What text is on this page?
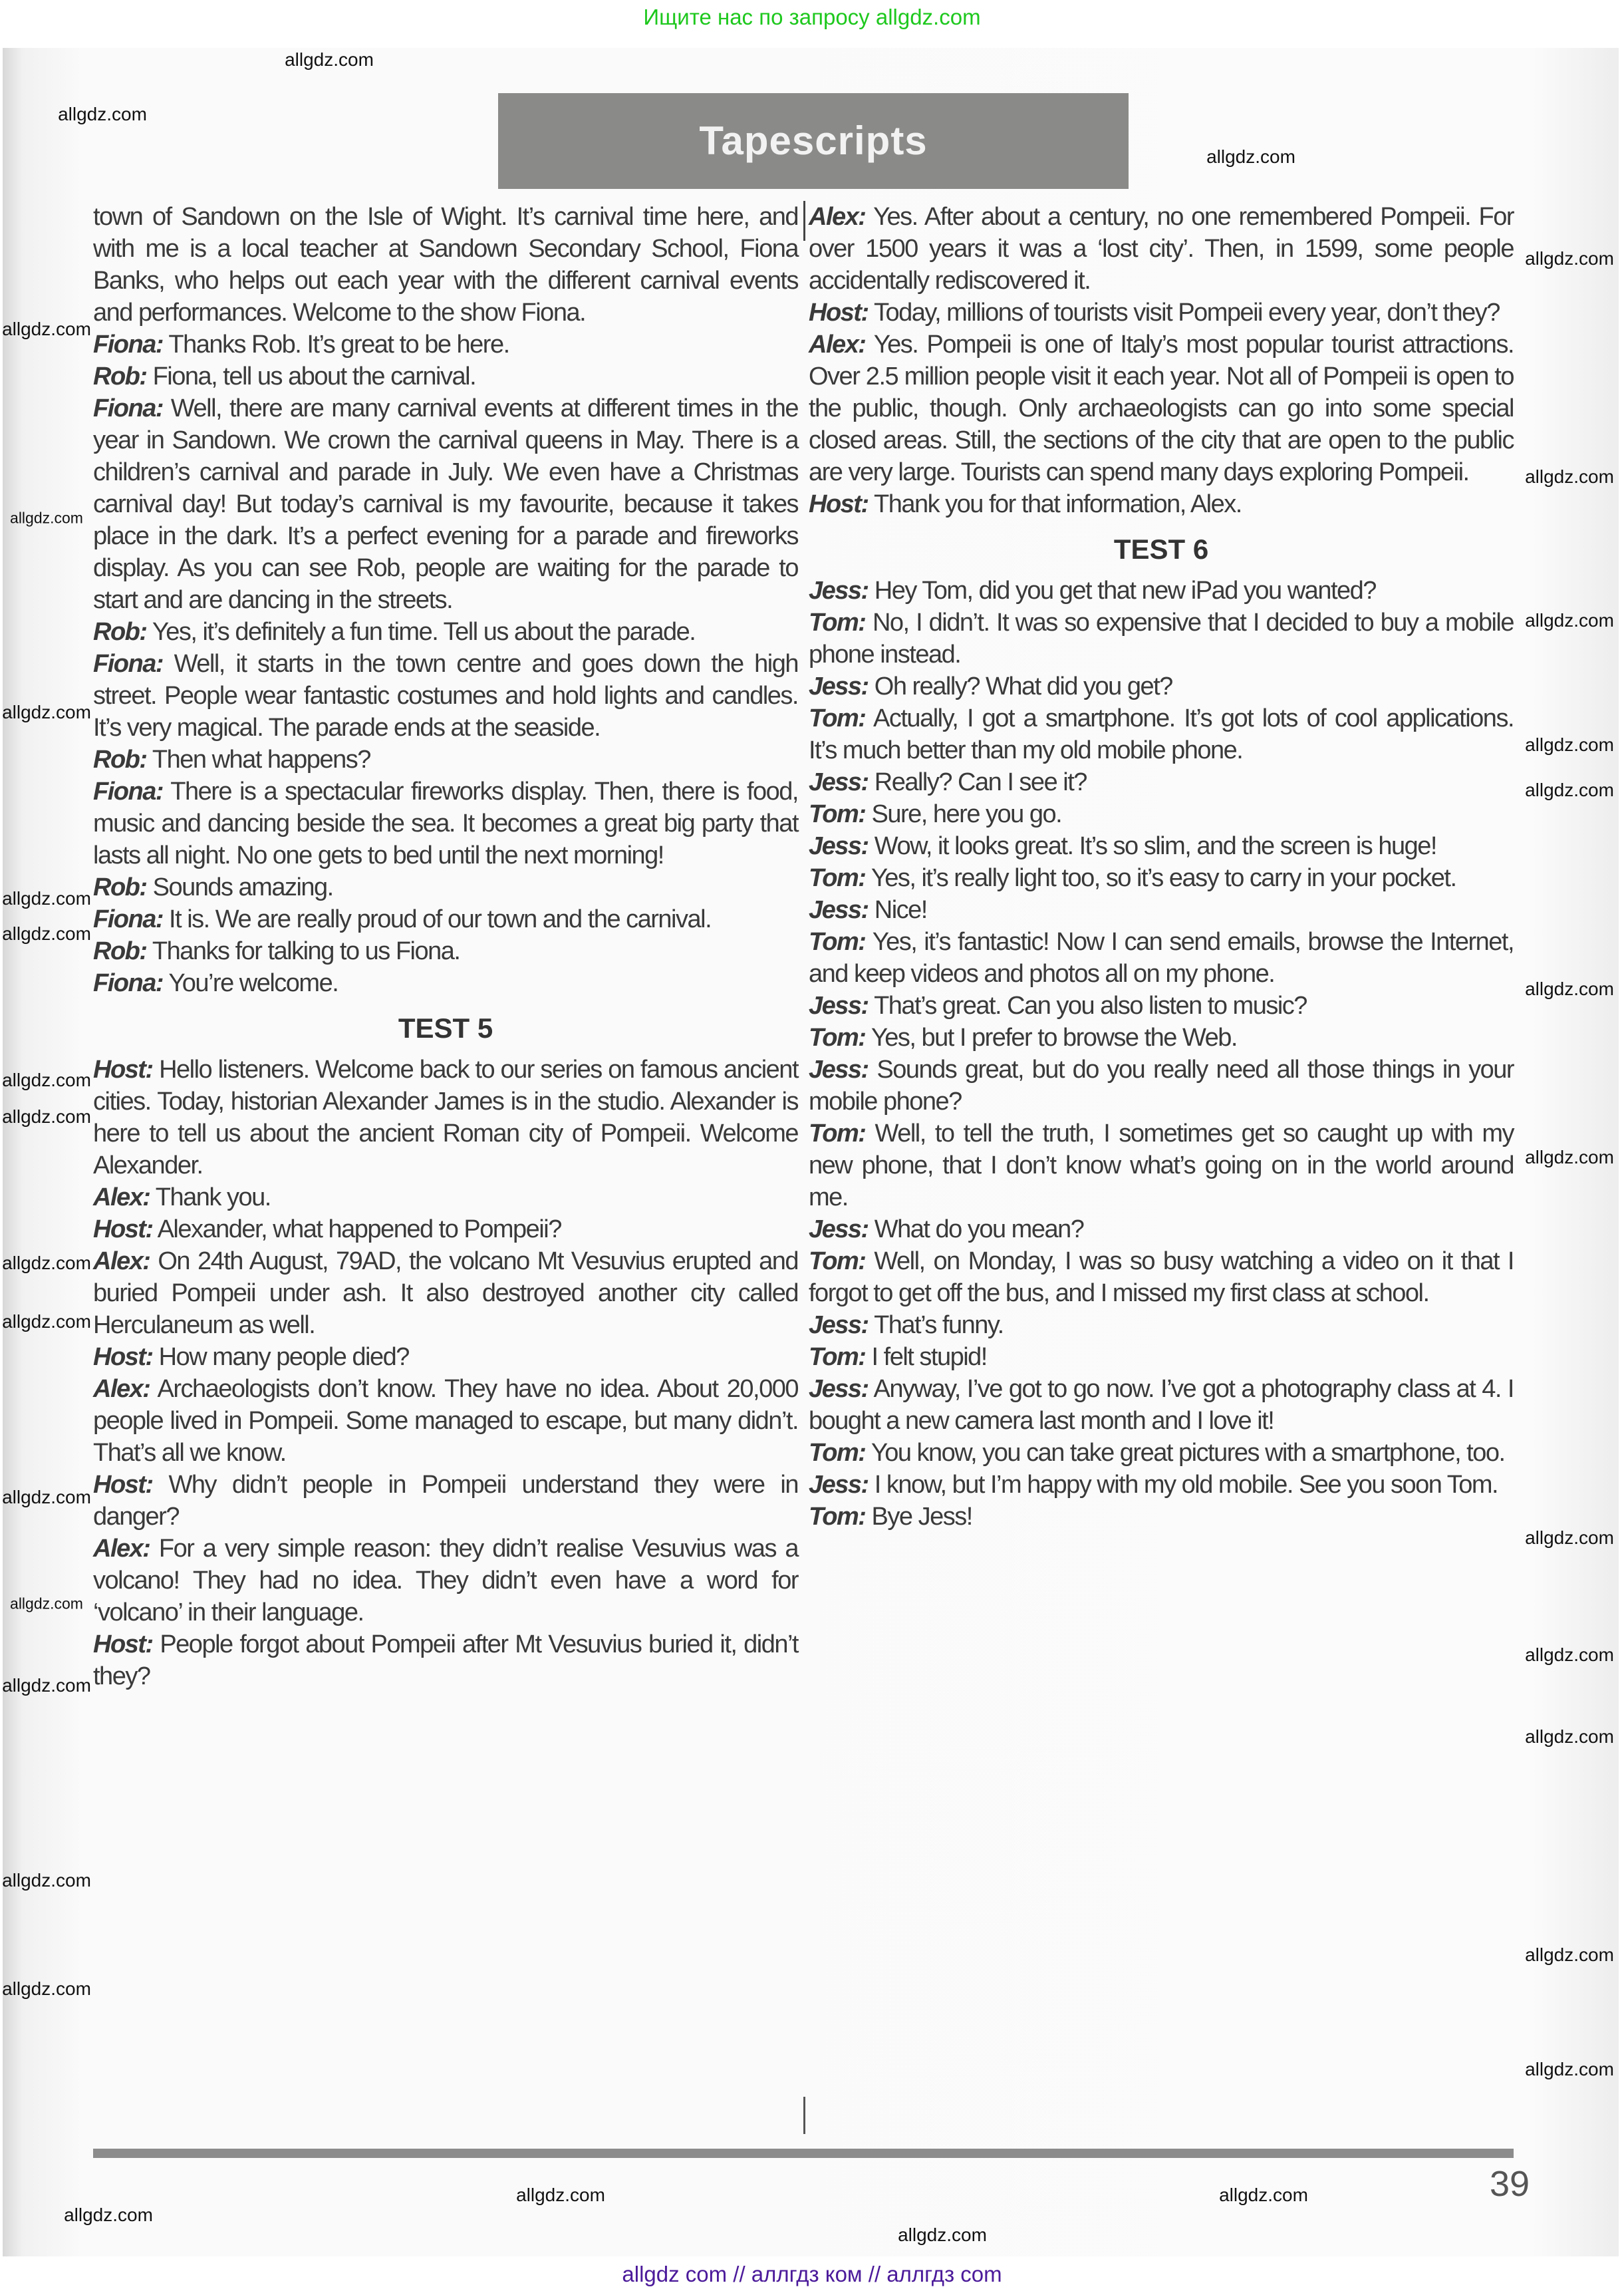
Ищите нас по запросу allgdz.com
Tapescripts

town of Sandown on the Isle of Wight. It’s carnival time here, and with me is a local teacher at Sandown Secondary School, Fiona Banks, who helps out each year with the different carnival events and performances. Welcome to the show Fiona.

Fiona: Thanks Rob. It’s great to be here.

Rob: Fiona, tell us about the carnival.

Fiona: Well, there are many carnival events at different times in the year in Sandown. We crown the carnival queens in May. There is a children’s carnival and parade in July. We even have a Christmas carnival day! But today’s carnival is my favourite, because it takes place in the dark. It’s a perfect evening for a parade and fireworks display. As you can see Rob, people are waiting for the parade to start and are dancing in the streets.

Rob: Yes, it’s definitely a fun time. Tell us about the parade.

Fiona: Well, it starts in the town centre and goes down the high street. People wear fantastic costumes and hold lights and candles. It’s very magical. The parade ends at the seaside.

Rob: Then what happens?

Fiona: There is a spectacular fireworks display. Then, there is food, music and dancing beside the sea. It becomes a great big party that lasts all night. No one gets to bed until the next morning!

Rob: Sounds amazing.

Fiona: It is. We are really proud of our town and the carnival.

Rob: Thanks for talking to us Fiona.

Fiona: You’re welcome.

TEST 5

Host: Hello listeners. Welcome back to our series on famous ancient cities. Today, historian Alexander James is in the studio. Alexander is here to tell us about the ancient Roman city of Pompeii. Welcome Alexander.

Alex: Thank you.

Host: Alexander, what happened to Pompeii?

Alex: On 24th August, 79AD, the volcano Mt Vesuvius erupted and buried Pompeii under ash. It also destroyed another city called Herculaneum as well.

Host: How many people died?

Alex: Archaeologists don’t know. They have no idea. About 20,000 people lived in Pompeii. Some managed to escape, but many didn’t. That’s all we know.

Host: Why didn’t people in Pompeii understand they were in danger?

Alex: For a very simple reason: they didn’t realise Vesuvius was a volcano! They had no idea. They didn’t even have a word for ‘volcano’ in their language.

Host: People forgot about Pompeii after Mt Vesuvius buried it, didn’t they?

Alex: Yes. After about a century, no one remembered Pompeii. For over 1500 years it was a ‘lost city’. Then, in 1599, some people accidentally rediscovered it.

Host: Today, millions of tourists visit Pompeii every year, don’t they?

Alex: Yes. Pompeii is one of Italy’s most popular tourist attractions. Over 2.5 million people visit it each year. Not all of Pompeii is open to the public, though. Only archaeologists can go into some special closed areas. Still, the sections of the city that are open to the public are very large. Tourists can spend many days exploring Pompeii.

Host: Thank you for that information, Alex.

TEST 6

Jess: Hey Tom, did you get that new iPad you wanted?

Tom: No, I didn’t. It was so expensive that I decided to buy a mobile phone instead.

Jess: Oh really? What did you get?

Tom: Actually, I got a smartphone. It’s got lots of cool applications. It’s much better than my old mobile phone.

Jess: Really? Can I see it?

Tom: Sure, here you go.

Jess: Wow, it looks great. It’s so slim, and the screen is huge!

Tom: Yes, it’s really light too, so it’s easy to carry in your pocket.

Jess: Nice!

Tom: Yes, it’s fantastic! Now I can send emails, browse the Internet, and keep videos and photos all on my phone.

Jess: That’s great. Can you also listen to music?

Tom: Yes, but I prefer to browse the Web.

Jess: Sounds great, but do you really need all those things in your mobile phone?

Tom: Well, to tell the truth, I sometimes get so caught up with my new phone, that I don’t know what’s going on in the world around me.

Jess: What do you mean?

Tom: Well, on Monday, I was so busy watching a video on it that I forgot to get off the bus, and I missed my first class at school.

Jess: That’s funny.

Tom: I felt stupid!

Jess: Anyway, I’ve got to go now. I’ve got a photography class at 4. I bought a new camera last month and I love it!

Tom: You know, you can take great pictures with a smartphone, too.

Jess: I know, but I’m happy with my old mobile. See you soon Tom.

Tom: Bye Jess!

39
allgdz.com
allgdz.com
allgdz.com
allgdz.com
allgdz.com
allgdz.com
allgdz.com
allgdz.com
allgdz.com
allgdz.com
allgdz.com
allgdz.com
allgdz.com
allgdz.com
allgdz.com
allgdz.com
allgdz.com
allgdz.com
allgdz.com
allgdz.com
allgdz.com
allgdz.com
allgdz.com
allgdz.com
allgdz.com
allgdz.com
allgdz.com
allgdz.com
allgdz.com
allgdz.com
allgdz.com
allgdz.com
allgdz.com
allgdz com // аллгдз ком // аллгдз com
